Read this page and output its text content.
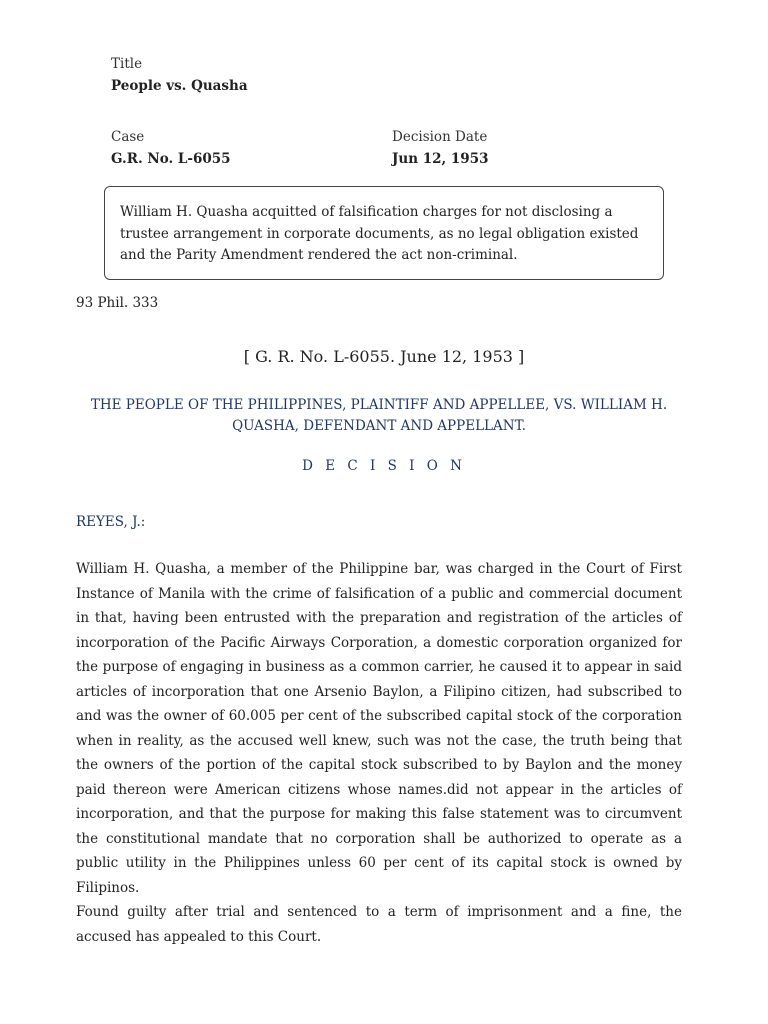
Title
People vs. Quasha
Case
G.R. No. L-6055
Decision Date
Jun 12, 1953
William H. Quasha acquitted of falsification charges for not disclosing a trustee arrangement in corporate documents, as no legal obligation existed and the Parity Amendment rendered the act non-criminal.
93 Phil. 333
[ G. R. No. L-6055. June 12, 1953 ]
THE PEOPLE OF THE PHILIPPINES, PLAINTIFF AND APPELLEE, VS. WILLIAM H. QUASHA, DEFENDANT AND APPELLANT.
D E C I S I O N
REYES, J.:

William H. Quasha, a member of the Philippine bar, was charged in the Court of First Instance of Manila with the crime of falsification of a public and commercial document in that, having been entrusted with the preparation and registration of the articles of incorporation of the Pacific Airways Corporation, a domestic corporation organized for the purpose of engaging in business as a common carrier, he caused it to appear in said articles of incorporation that one Arsenio Baylon, a Filipino citizen, had subscribed to and was the owner of 60.005 per cent of the subscribed capital stock of the corporation when in reality, as the accused well knew, such was not the case, the truth being that the owners of the portion of the capital stock subscribed to by Baylon and the money paid thereon were American citizens whose names.did not appear in the articles of incorporation, and that the purpose for making this false statement was to circumvent the constitutional mandate that no corporation shall be authorized to operate as a public utility in the Philippines unless 60 per cent of its capital stock is owned by Filipinos.

Found guilty after trial and sentenced to a term of imprisonment and a fine, the accused has appealed to this Court.
